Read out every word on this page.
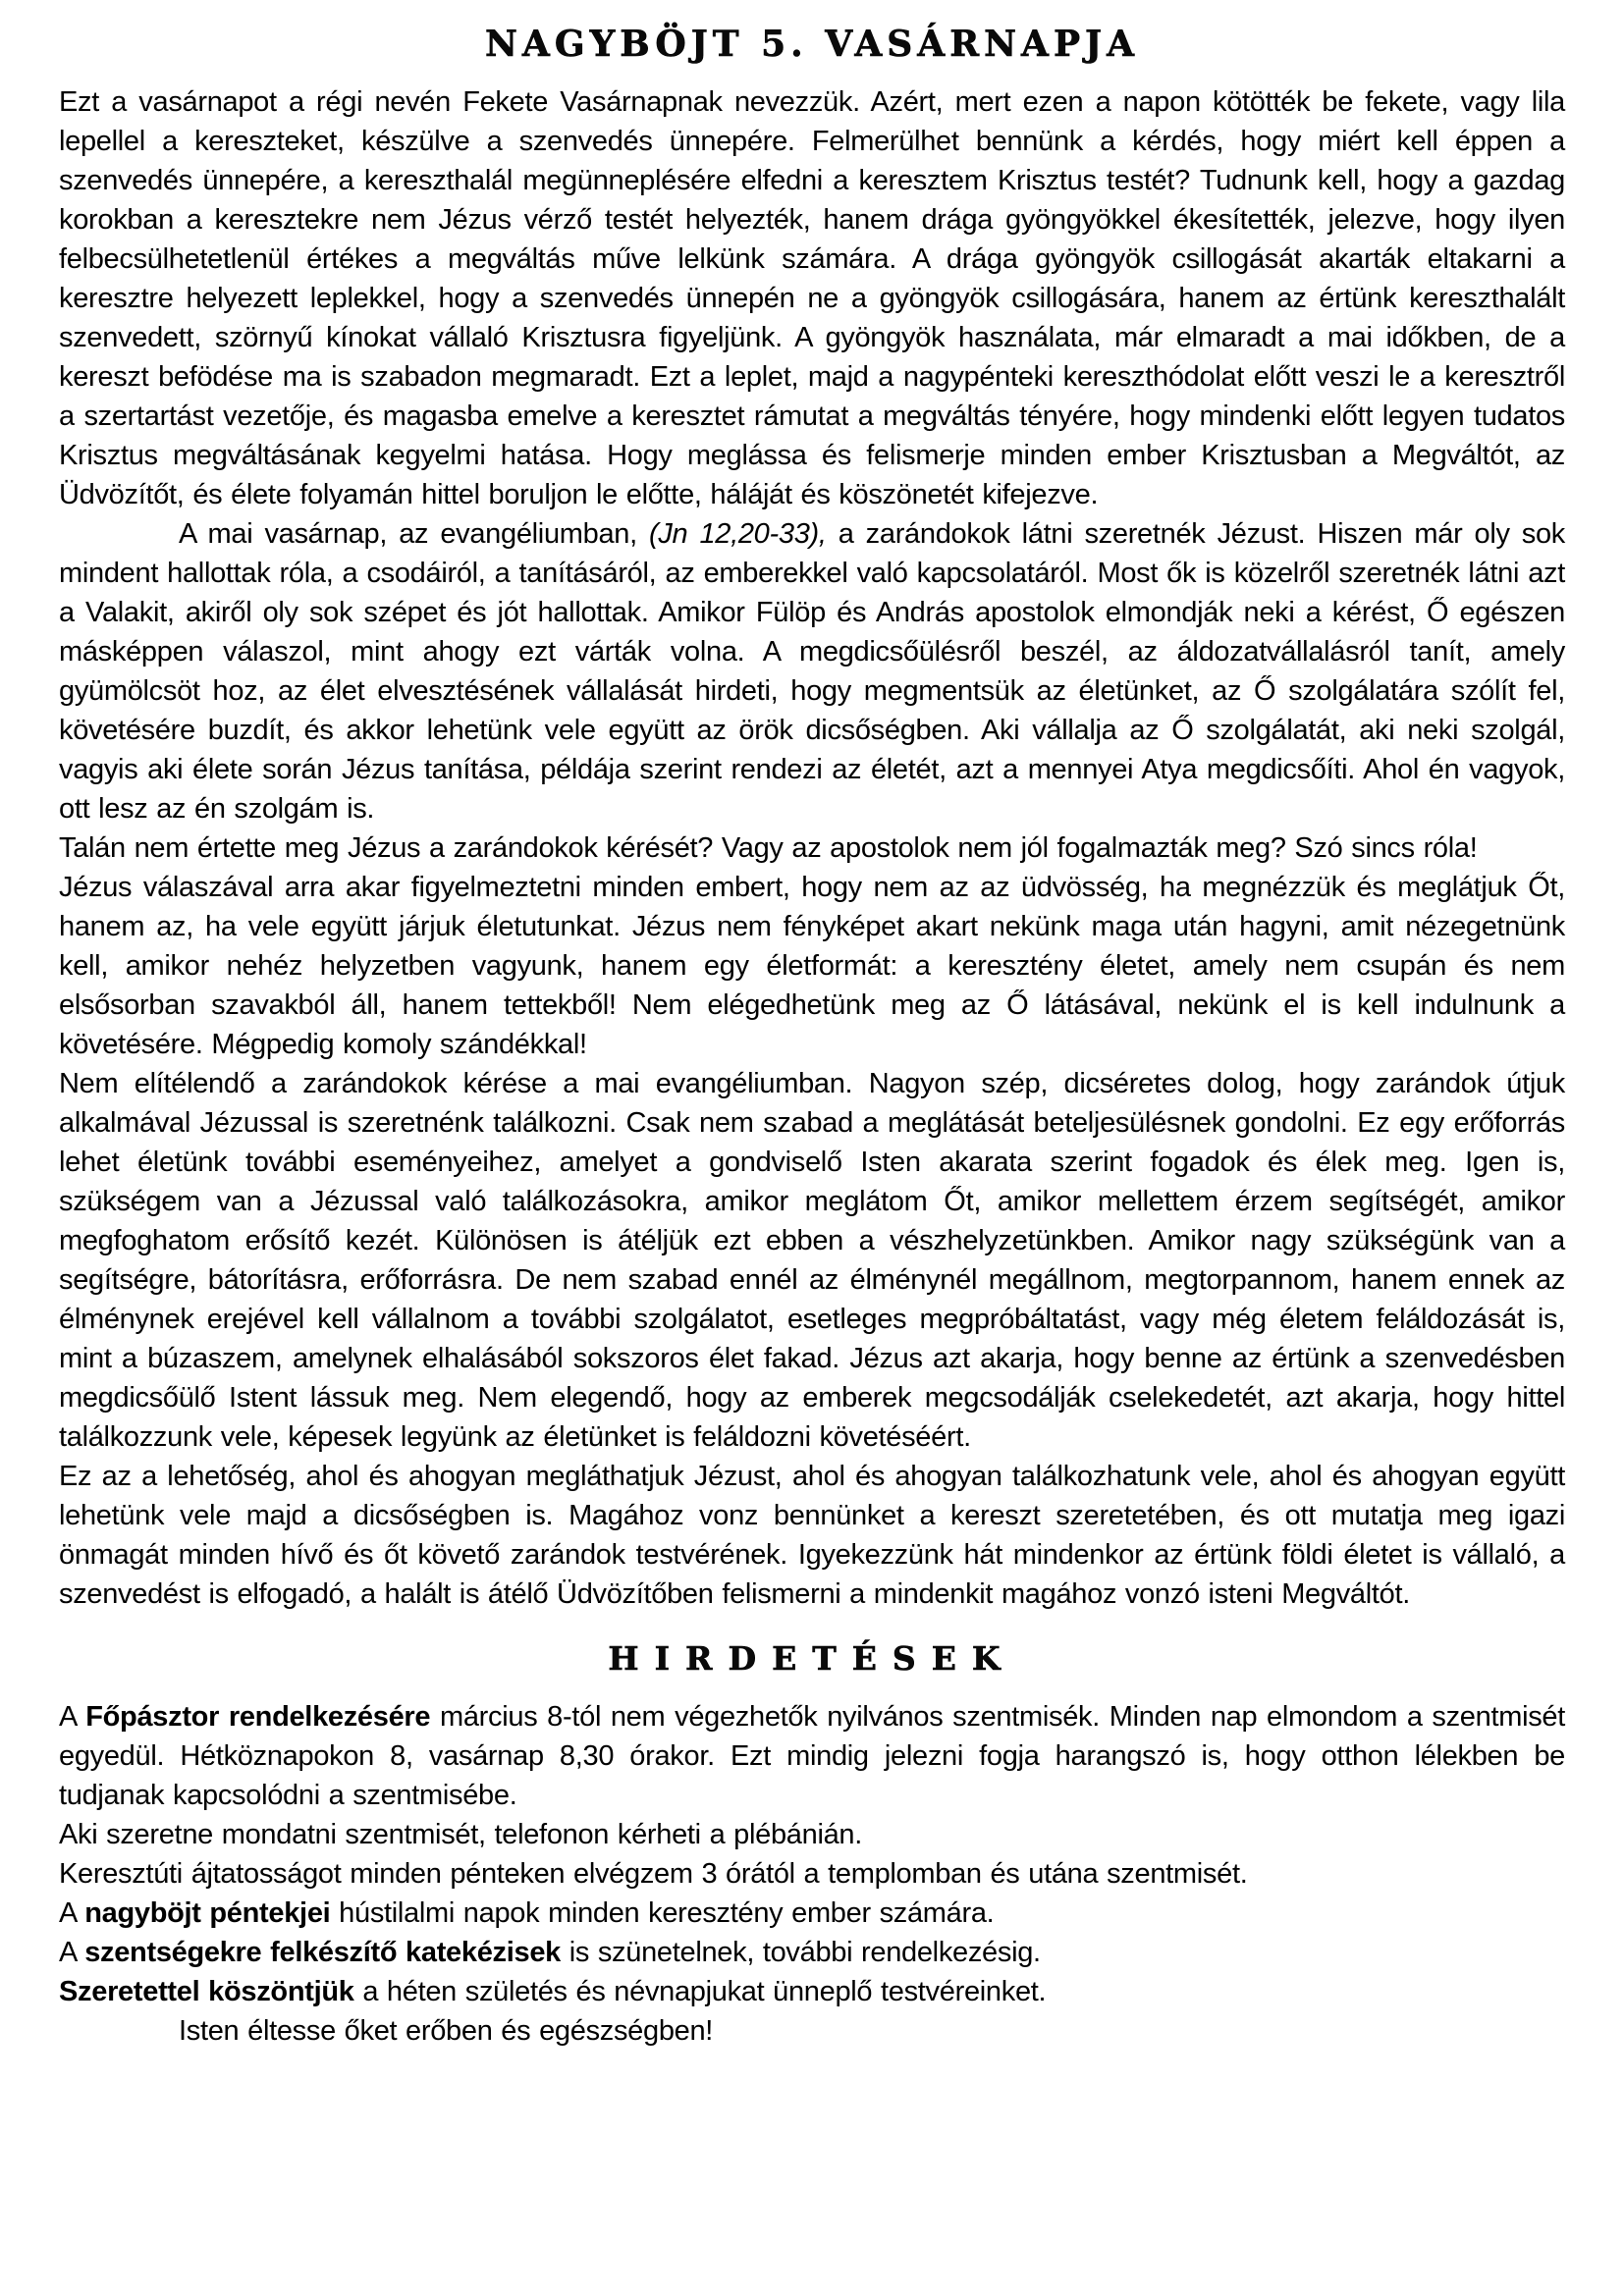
NAGYBÖJT 5. VASÁRNAPJA

Ezt a vasárnapot a régi nevén Fekete Vasárnapnak nevezzük. Azért, mert ezen a napon kötötték be fekete, vagy lila lepellel a kereszteket, készülve a szenvedés ünnepére. Felmerülhet bennünk a kérdés, hogy miért kell éppen a szenvedés ünnepére, a kereszthalál megünneplésére elfedni a keresztem Krisztus testét? Tudnunk kell, hogy a gazdag korokban a keresztekre nem Jézus vérző testét helyezték, hanem drága gyöngyökkel ékesítették, jelezve, hogy ilyen felbecsülhetetlenül értékes a megváltás műve lelkünk számára. A drága gyöngyök csillogását akarták eltakarni a keresztre helyezett leplekkel, hogy a szenvedés ünnepén ne a gyöngyök csillogására, hanem az értünk kereszthalált szenvedett, szörnyű kínokat vállaló Krisztusra figyeljünk. A gyöngyök használata, már elmaradt a mai időkben, de a kereszt befödése ma is szabadon megmaradt. Ezt a leplet, majd a nagypénteki kereszthódolat előtt veszi le a keresztről a szertartást vezetője, és magasba emelve a keresztet rámutat a megváltás tényére, hogy mindenki előtt legyen tudatos Krisztus megváltásának kegyelmi hatása. Hogy meglássa és felismerje minden ember Krisztusban a Megváltót, az Üdvözítőt, és élete folyamán hittel boruljon le előtte, háláját és köszönetét kifejezve.

A mai vasárnap, az evangéliumban, (Jn 12,20-33), a zarándokok látni szeretnék Jézust. Hiszen már oly sok mindent hallottak róla, a csodáiról, a tanításáról, az emberekkel való kapcsolatáról. Most ők is közelről szeretnék látni azt a Valakit, akiről oly sok szépet és jót hallottak. Amikor Fülöp és András apostolok elmondják neki a kérést, Ő egészen másképpen válaszol, mint ahogy ezt várták volna. A megdicsőülésről beszél, az áldozatvállalásról tanít, amely gyümölcsöt hoz, az élet elvesztésének vállalását hirdeti, hogy megmentsük az életünket, az Ő szolgálatára szólít fel, követésére buzdít, és akkor lehetünk vele együtt az örök dicsőségben. Aki vállalja az Ő szolgálatát, aki neki szolgál, vagyis aki élete során Jézus tanítása, példája szerint rendezi az életét, azt a mennyei Atya megdicsőíti. Ahol én vagyok, ott lesz az én szolgám is.

Talán nem értette meg Jézus a zarándokok kérését? Vagy az apostolok nem jól fogalmazták meg? Szó sincs róla!

Jézus válaszával arra akar figyelmeztetni minden embert, hogy nem az az üdvösség, ha megnézzük és meglátjuk Őt, hanem az, ha vele együtt járjuk életutunkat. Jézus nem fényképet akart nekünk maga után hagyni, amit nézegetnünk kell, amikor nehéz helyzetben vagyunk, hanem egy életformát: a keresztény életet, amely nem csupán és nem elsősorban szavakból áll, hanem tettekből! Nem elégedhetünk meg az Ő látásával, nekünk el is kell indulnunk a követésére. Mégpedig komoly szándékkal!

Nem elítélendő a zarándokok kérése a mai evangéliumban. Nagyon szép, dicséretes dolog, hogy zarándok útjuk alkalmával Jézussal is szeretnénk találkozni. Csak nem szabad a meglátását beteljesülésnek gondolni. Ez egy erőforrás lehet életünk további eseményeihez, amelyet a gondviselő Isten akarata szerint fogadok és élek meg. Igen is, szükségem van a Jézussal való találkozásokra, amikor meglátom Őt, amikor mellettem érzem segítségét, amikor megfoghatom erősítő kezét. Különösen is átéljük ezt ebben a vészhelyzetünkben. Amikor nagy szükségünk van a segítségre, bátorításra, erőforrásra. De nem szabad ennél az élménynél megállnom, megtorpannom, hanem ennek az élménynek erejével kell vállalnom a további szolgálatot, esetleges megpróbáltatást, vagy még életem feláldozását is, mint a búzaszem, amelynek elhalásából sokszoros élet fakad. Jézus azt akarja, hogy benne az értünk a szenvedésben megdicsőülő Istent lássuk meg. Nem elegendő, hogy az emberek megcsodálják cselekedetét, azt akarja, hogy hittel találkozzunk vele, képesek legyünk az életünket is feláldozni követéséért.

Ez az a lehetőség, ahol és ahogyan megláthatjuk Jézust, ahol és ahogyan találkozhatunk vele, ahol és ahogyan együtt lehetünk vele majd a dicsőségben is. Magához vonz bennünket a kereszt szeretetében, és ott mutatja meg igazi önmagát minden hívő és őt követő zarándok testvérének. Igyekezzünk hát mindenkor az értünk földi életet is vállaló, a szenvedést is elfogadó, a halált is átélő Üdvözítőben felismerni a mindenkit magához vonzó isteni Megváltót.

HIRDETÉSEK

A Főpásztor rendelkezésére március 8-tól nem végezhetők nyilvános szentmisék. Minden nap elmondom a szentmisét egyedül. Hétköznapokon 8, vasárnap 8,30 órakor. Ezt mindig jelezni fogja harangszó is, hogy otthon lélekben be tudjanak kapcsolódni a szentmisébe.

Aki szeretne mondatni szentmisét, telefonon kérheti a plébánián.

Keresztúti ájtatosságot minden pénteken elvégzem 3 órától a templomban és utána szentmisét.

A nagyböjt péntekjei hústilalmi napok minden keresztény ember számára.

A szentségekre felkészítő katekézisek is szünetelnek, további rendelkezésig.

Szeretettel köszöntjük a héten születés és névnapjukat ünneplő testvéreinket.

Isten éltesse őket erőben és egészségben!
